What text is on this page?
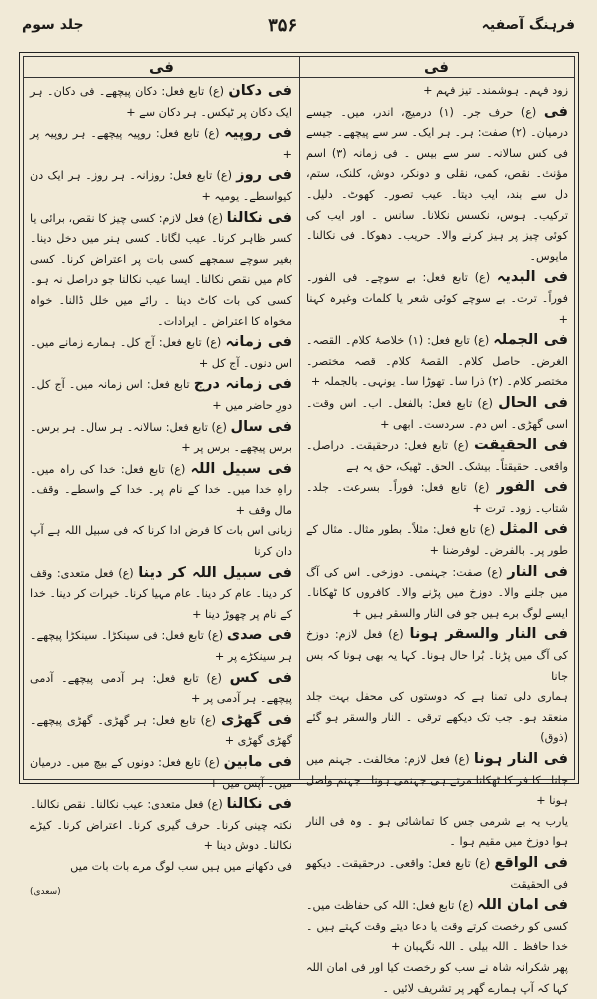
فرہنگ آصفیہ
۳۵۶
جلد سوم
فی
فی

زود فہم۔ ہوشمند۔ تیز فہم +

فی (ع) حرف جر۔ (۱) درمیچ، اندر، میں۔ جیسے درمیان۔ (۲) صفت: ہر۔ ہر ایک۔ سر سے پیچھے۔ جیسے فی کس سالانہ۔ سر سے بیس ۔ فی زمانہ (۳) اسم مؤنث۔ نقص، کمی، نقلی و دونکر، دوش، کلنک، ستم، دل سے بند، ایب دیتا۔ عیب تصور۔ کھوٹ۔ دلیل۔ ترکیب۔ ہوس، نکسس نکلانا۔ سانس ۔ اور ایب کی کوئی چیز پر ہیز کرنے والا۔ حریب۔ دھوکا۔ فی نکالنا۔ مایوس۔

فی البدیہ (ع) تابع فعل: بے سوچے۔ فی الفور۔ فوراً۔ ترت۔ بے سوچے کوئی شعر یا کلمات وغیرہ کہنا +

فی الجملہ (ع) تابع فعل: (۱) خلاصۂ کلام۔ القصہ۔ الغرض۔ حاصل کلام۔ القصۂ کلام۔ قصہ مختصر۔ مختصر کلام۔ (۲) ذرا سا۔ تھوڑا سا۔ یونہی۔ بالجملہ +

فی الحال (ع) تابع فعل: بالفعل۔ اب۔ اس وقت۔ اسی گھڑی۔ اس دم۔ سردست۔ ابھی +

فی الحقیقت (ع) تابع فعل: درحقیقت۔ دراصل۔ واقعی۔ حقیقتاً۔ بیشک۔ الحق۔ ٹھیک، حق یہ ہے

فی الفور (ع) تابع فعل: فوراً۔ بسرعت۔ جلد۔ شتاب۔ زود۔ ترت +

فی المثل (ع) تابع فعل: مثلاً۔ بطور مثال۔ مثال کے طور پر۔ بالفرض۔ لوفرضنا +

فی النار (ع) صفت: جہنمی۔ دوزخی۔ اس کی آگ میں جلنے والا۔ دوزخ میں پڑنے والا۔ کافروں کا ٹھکانا۔ ایسے لوگ برے ہیں جو فی النار والسقر ہیں +

فی النار والسقر ہونا (ع) فعل لازم: دوزخ کی آگ میں پڑنا۔ بُرا حال ہونا۔ کہا یہ بھی ہونا کہ بس جانا

ہماری دلی تمنا ہے کہ دوستوں کی محفل بہت جلد منعقد ہو۔ جب تک دیکھے ترقی ۔ النار والسقر ہو گئے (ذوق)

فی النار ہونا (ع) فعل لازم: مخالفت۔ جہنم میں جانا۔ کا فر کا ٹھکانا مرتے ہی جہنمی ہونا۔ جہنم واصل ہونا +

یارب یہ بے شرمی جس کا تماشائی ہو ۔ وہ فی النار ہوا دوزخ میں مقیم ہوا ۔

فی الواقع (ع) تابع فعل: واقعی۔ درحقیقت۔ دیکھو فی الحقیقت

فی امان اللہ (ع) تابع فعل: اللہ کی حفاظت میں۔ کسی کو رخصت کرتے وقت یا دعا دیتے وقت کہتے ہیں ۔ خدا حافظ ۔ اللہ بیلی ۔ اللہ نگہبان +

پھر شکرانہ شاہ نے سب کو رخصت کیا اور فی امان اللہ کہا کہ آپ ہمارے گھر پر تشریف لائیں ۔

فی دکان (ع) تابع فعل: دکان پیچھے۔ فی دکان۔ ہر ایک دکان پر ٹیکس۔ ہر دکان سے +

فی روپیہ (ع) تابع فعل: روپیہ پیچھے۔ ہر روپیہ پر +

فی روز (ع) تابع فعل: روزانہ۔ ہر روز۔ ہر ایک دن کیواسطے۔ یومیہ +

فی نکالنا (ع) فعل لازم: کسی چیز کا نقص، برائی یا کسر ظاہر کرنا۔ عیب لگانا۔ کسی ہنر میں دخل دینا۔ بغیر سوچے سمجھے کسی بات پر اعتراض کرنا۔ کسی کام میں نقص نکالنا۔ ایسا عیب نکالنا جو دراصل نہ ہو۔ کسی کی بات کاٹ دینا ۔ رائے میں خلل ڈالنا۔ خواہ مخواہ کا اعتراض ۔ ایرادات۔

فی زمانہ (ع) تابع فعل: آج کل۔ ہمارے زمانے میں۔ اس دنوں۔ آج کل +

فی زمانہ درج تابع فعل: اس زمانہ میں۔ آج کل۔ دورِ حاضر میں +

فی سال (ع) تابع فعل: سالانہ۔ ہر سال۔ ہر برس۔ برس پیچھے۔ برس پر +

فی سبیل اللہ (ع) تابع فعل: خدا کی راہ میں۔ راہِ خدا میں۔ خدا کے نام پر۔ خدا کے واسطے۔ وقف۔ مال وقف +

زبانی اس بات کا فرض ادا کرنا کہ فی سبیل اللہ ہے آپ دان کرنا

فی سبیل اللہ کر دینا (ع) فعل متعدی: وقف کر دینا۔ عام کر دینا۔ عام مہیا کرنا۔ خیرات کر دینا۔ خدا کے نام پر چھوڑ دینا +

فی صدی (ع) تابع فعل: فی سینکڑا۔ سینکڑا پیچھے۔ ہر سینکڑے پر +

فی کس (ع) تابع فعل: ہر آدمی پیچھے۔ آدمی پیچھے۔ ہر آدمی پر +

فی گھڑی (ع) تابع فعل: ہر گھڑی۔ گھڑی پیچھے۔ گھڑی گھڑی +

فی مابین (ع) تابع فعل: دونوں کے بیچ میں۔ درمیان میں۔ آپس میں +

فی نکالنا (ع) فعل متعدی: عیب نکالنا۔ نقص نکالنا۔ نکتہ چینی کرنا۔ حرف گیری کرنا۔ اعتراض کرنا۔ کیڑے نکالنا۔ دوش دینا +

فی دکھانے میں ہیں سب لوگ مرے بات بات میں

(سعدی)
